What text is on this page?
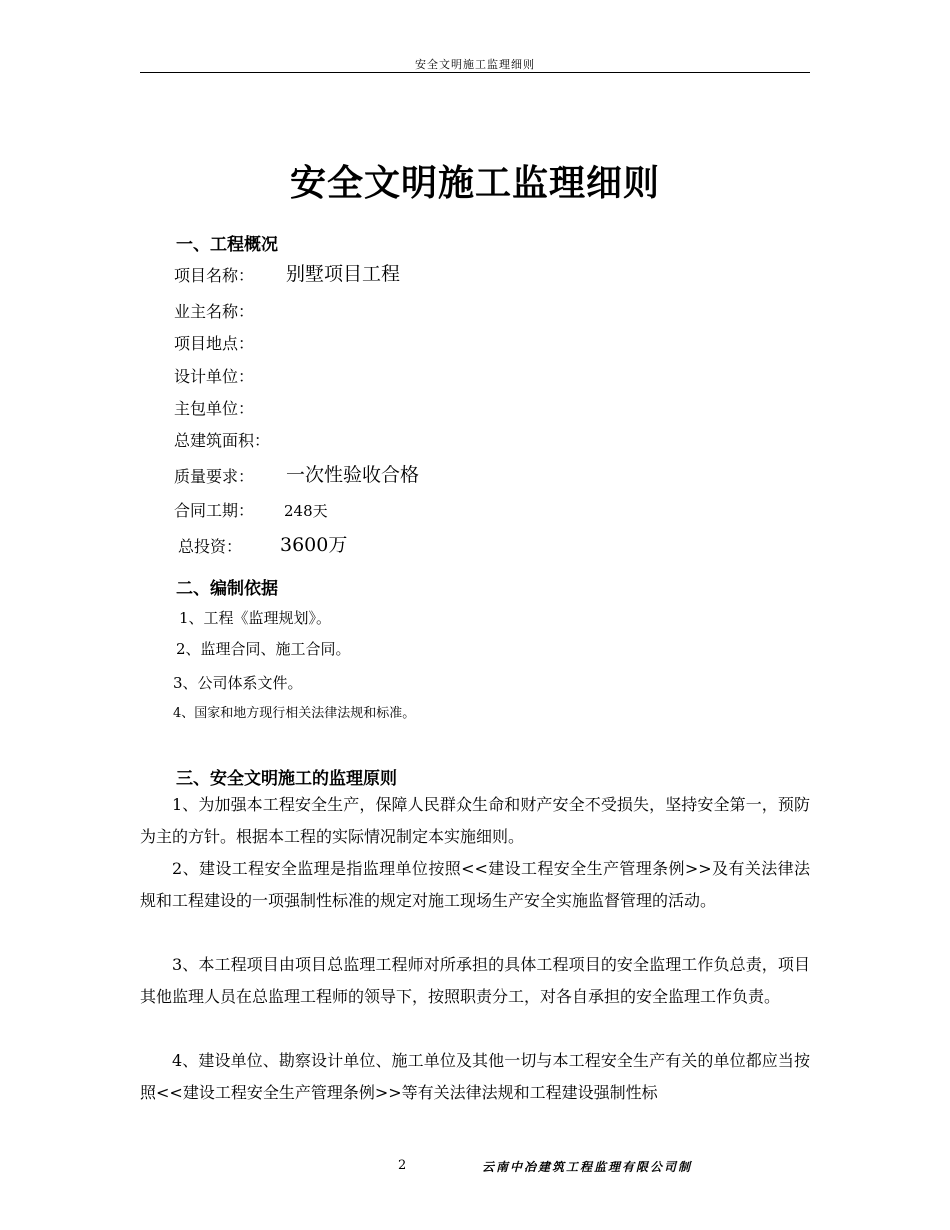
安全文明施工监理细则
安全文明施工监理细则
一、工程概况
项目名称： 别墅项目工程
业主名称：
项目地点：
设计单位：
主包单位：
总建筑面积：
质量要求： 一次性验收合格
合同工期： 248天
总投资： 3600万
二、编制依据
1、工程《监理规划》。
2、监理合同、施工合同。
3、公司体系文件。
4、国家和地方现行相关法律法规和标准。
三、安全文明施工的监理原则
1、为加强本工程安全生产，保障人民群众生命和财产安全不受损失，坚持安全第一，预防为主的方针。根据本工程的实际情况制定本实施细则。
2、建设工程安全监理是指监理单位按照<<建设工程安全生产管理条例>>及有关法律法规和工程建设的一项强制性标准的规定对施工现场生产安全实施监督管理的活动。
3、本工程项目由项目总监理工程师对所承担的具体工程项目的安全监理工作负总责，项目其他监理人员在总监理工程师的领导下，按照职责分工，对各自承担的安全监理工作负责。
4、建设单位、勘察设计单位、施工单位及其他一切与本工程安全生产有关的单位都应当按照<<建设工程安全生产管理条例>>等有关法律法规和工程建设强制性标
2	云南中冶建筑工程监理有限公司制
